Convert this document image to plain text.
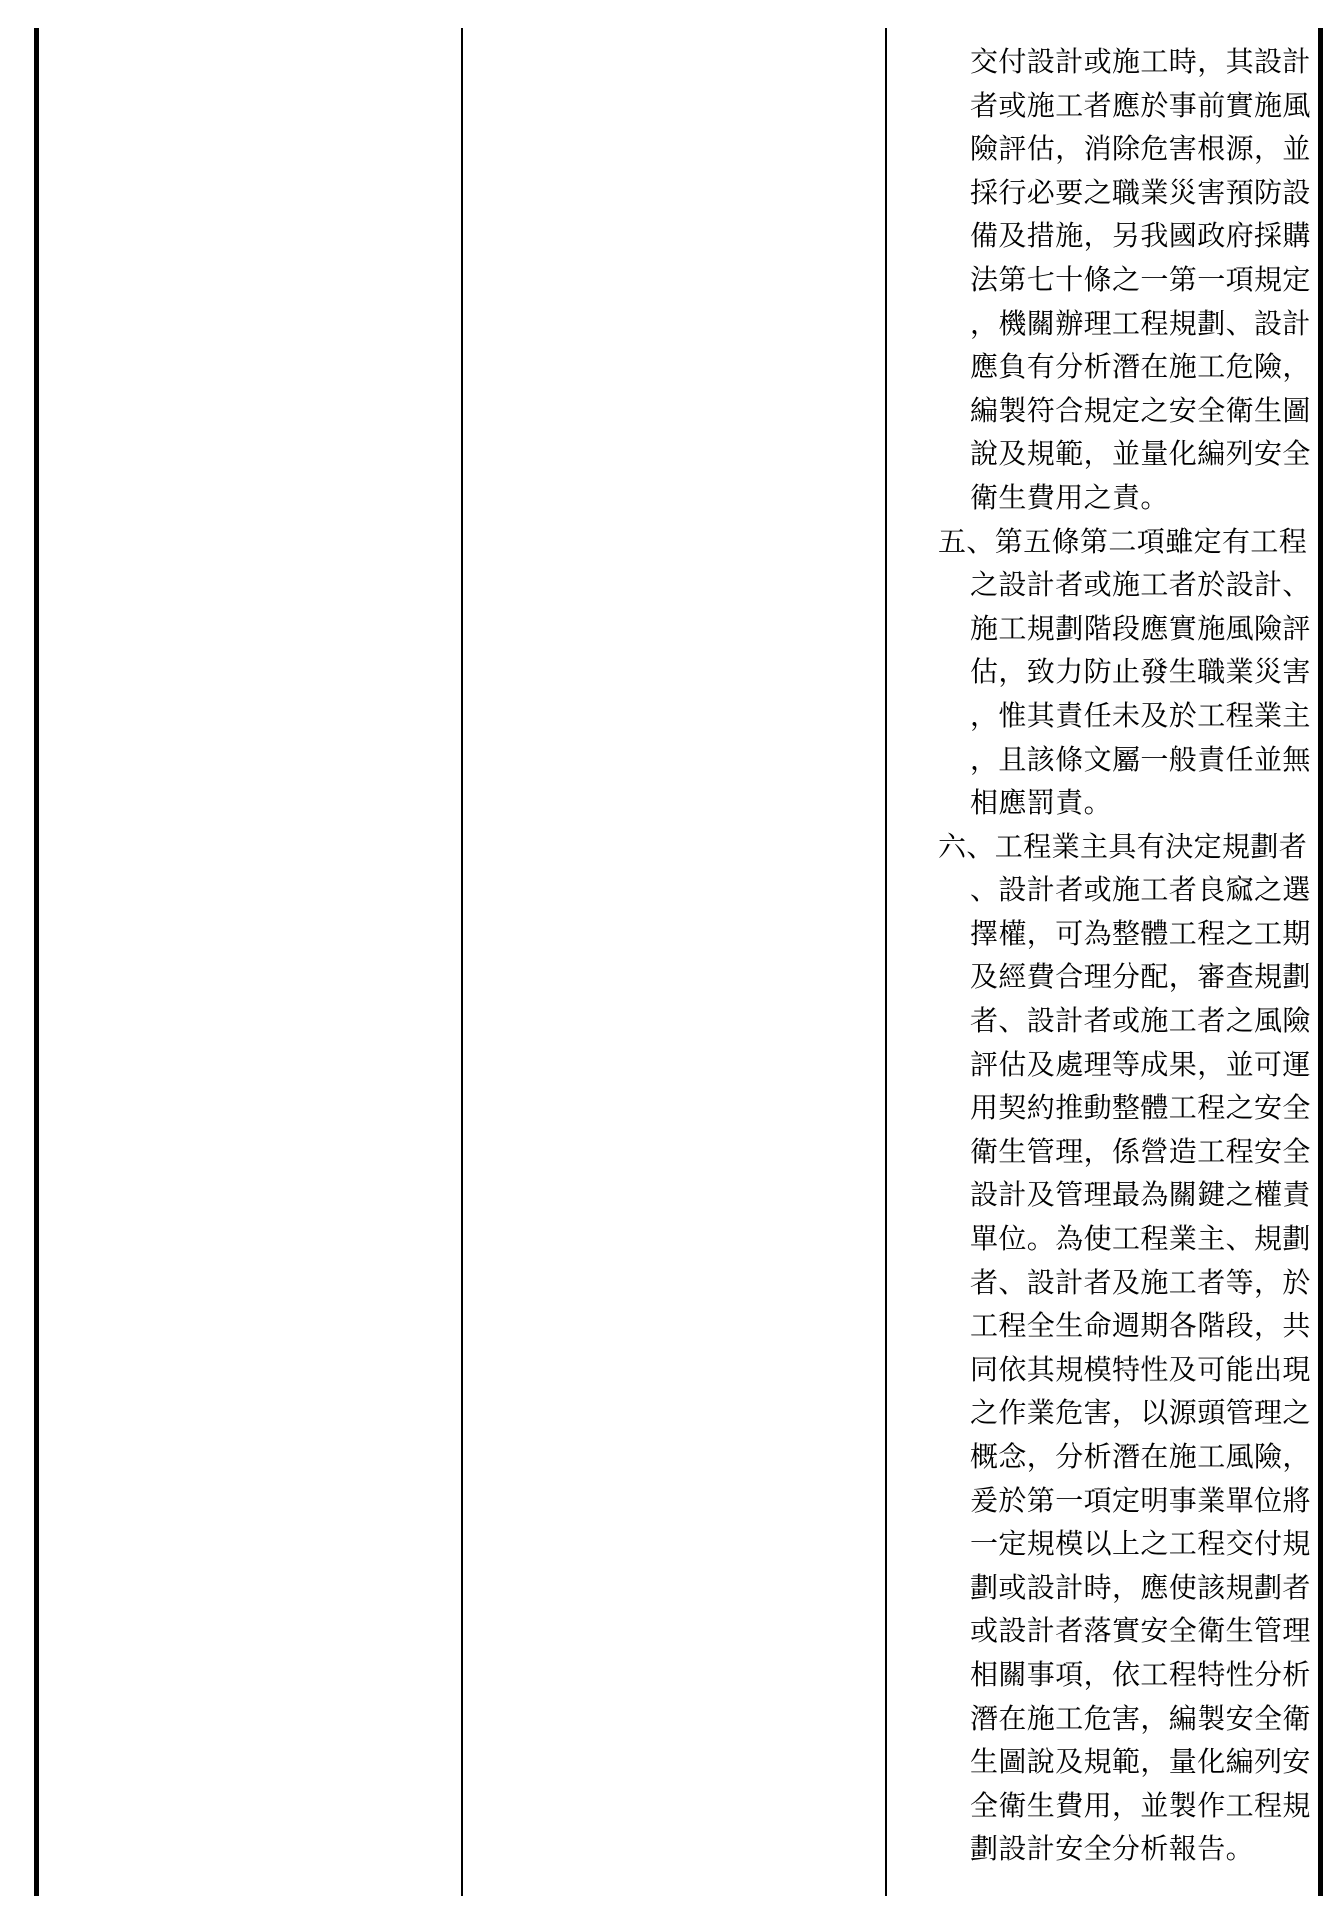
交付設計或施工時，其設計
者或施工者應於事前實施風
險評估，消除危害根源，並
採行必要之職業災害預防設
備及措施，另我國政府採購
法第七十條之一第一項規定
，機關辦理工程規劃、設計
應負有分析潛在施工危險，
編製符合規定之安全衛生圖
說及規範，並量化編列安全
衛生費用之責。
五、第五條第二項雖定有工程
之設計者或施工者於設計、
施工規劃階段應實施風險評
估，致力防止發生職業災害
，惟其責任未及於工程業主
，且該條文屬一般責任並無
相應罰責。
六、工程業主具有決定規劃者
、設計者或施工者良窳之選
擇權，可為整體工程之工期
及經費合理分配，審查規劃
者、設計者或施工者之風險
評估及處理等成果，並可運
用契約推動整體工程之安全
衛生管理，係營造工程安全
設計及管理最為關鍵之權責
單位。為使工程業主、規劃
者、設計者及施工者等，於
工程全生命週期各階段，共
同依其規模特性及可能出現
之作業危害，以源頭管理之
概念，分析潛在施工風險，
爰於第一項定明事業單位將
一定規模以上之工程交付規
劃或設計時，應使該規劃者
或設計者落實安全衛生管理
相關事項，依工程特性分析
潛在施工危害，編製安全衛
生圖說及規範，量化編列安
全衛生費用，並製作工程規
劃設計安全分析報告。
